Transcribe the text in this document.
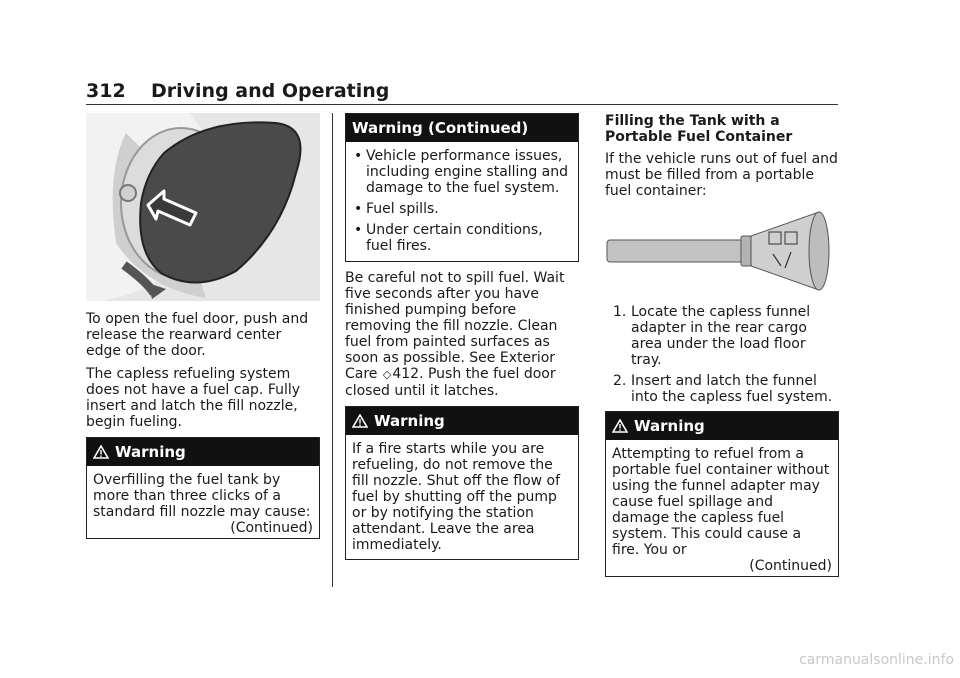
312 Driving and Operating

To open the fuel door, push and release the rearward center edge of the door.

The capless refueling system does not have a fuel cap. Fully insert and latch the fill nozzle, begin fueling.

Warning

Overfilling the fuel tank by more than three clicks of a standard fill nozzle may cause:

(Continued)

Warning (Continued)
• Vehicle performance issues, including engine stalling and damage to the fuel system.
• Fuel spills.
• Under certain conditions, fuel fires.

Be careful not to spill fuel. Wait five seconds after you have finished pumping before removing the fill nozzle. Clean fuel from painted surfaces as soon as possible. See Exterior Care ◇412. Push the fuel door closed until it latches.

Warning

If a fire starts while you are refueling, do not remove the fill nozzle. Shut off the flow of fuel by shutting off the pump or by notifying the station attendant. Leave the area immediately.

Filling the Tank with a Portable Fuel Container

If the vehicle runs out of fuel and must be filled from a portable fuel container:

1. Locate the capless funnel adapter in the rear cargo area under the load floor tray.
2. Insert and latch the funnel into the capless fuel system.
Warning

Attempting to refuel from a portable fuel container without using the funnel adapter may cause fuel spillage and damage the capless fuel system. This could cause a fire. You or

(Continued)

carmanualsonline.info
